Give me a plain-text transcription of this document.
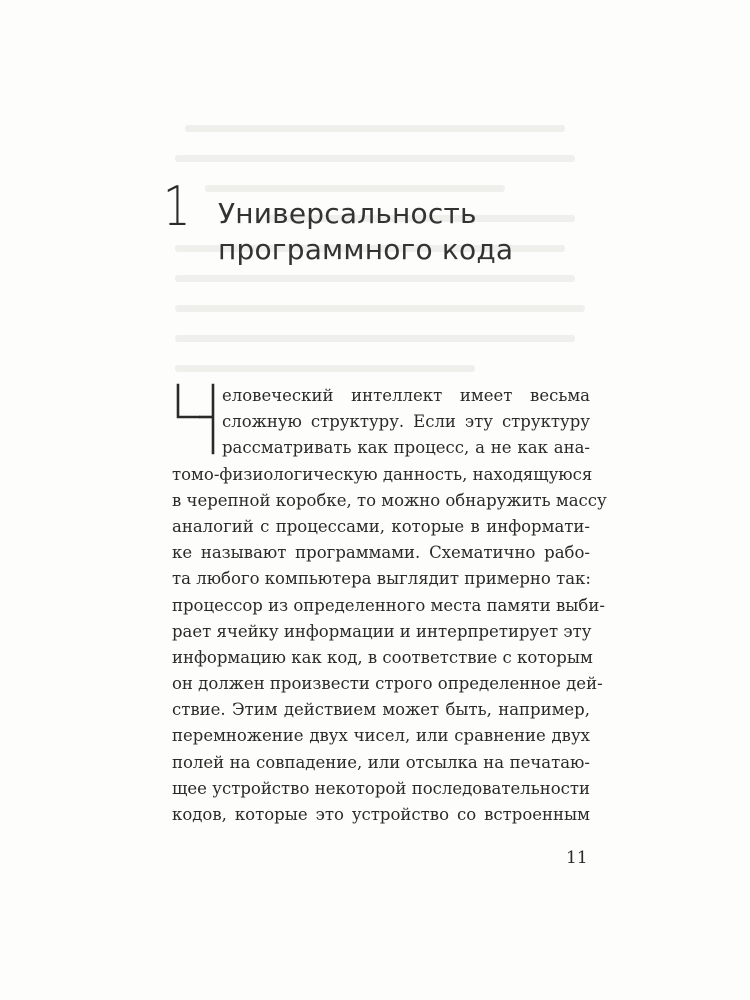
1 Универсальность
программного кода
Ч
еловеческий интеллект имеет весьма
сложную структуру. Если эту структуру
рассматривать как процесс, а не как ана-
томо-физиологическую данность, находящуюся
в черепной коробке, то можно обнаружить массу
аналогий с процессами, которые в информати-
ке называют программами. Схематично рабо-
та любого компьютера выглядит примерно так:
процессор из определенного места памяти выби-
рает ячейку информации и интерпретирует эту
информацию как код, в соответствие с которым
он должен произвести строго определенное дей-
ствие. Этим действием может быть, например,
перемножение двух чисел, или сравнение двух
полей на совпадение, или отсылка на печатаю-
щее устройство некоторой последовательности
кодов, которые это устройство со встроенным
11
